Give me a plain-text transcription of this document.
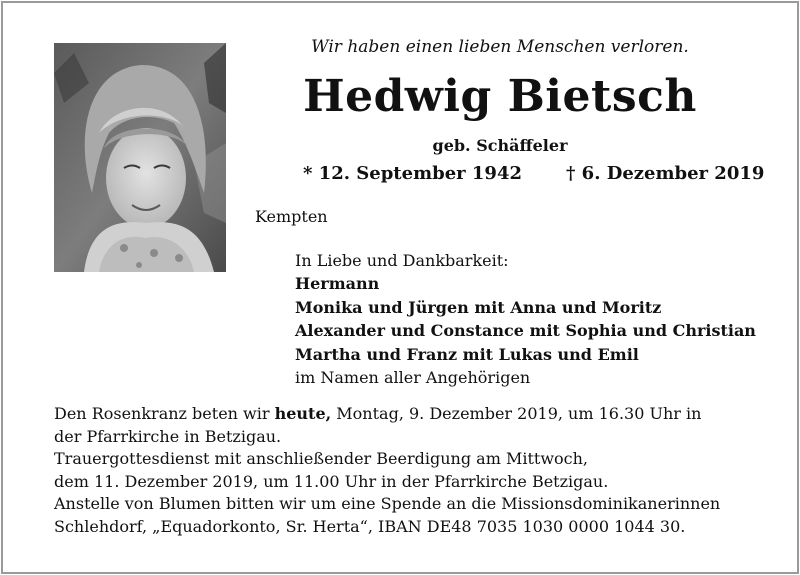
Wir haben einen lieben Menschen verloren.
Hedwig Bietsch
geb. Schäffeler
* 12. September 1942 † 6. Dezember 2019
Kempten
In Liebe und Dankbarkeit:
Hermann
Monika und Jürgen mit Anna und Moritz
Alexander und Constance mit Sophia und Christian
Martha und Franz mit Lukas und Emil
im Namen aller Angehörigen
Den Rosenkranz beten wir heute, Montag, 9. Dezember 2019, um 16.30 Uhr in
der Pfarrkirche in Betzigau.
Trauergottesdienst mit anschließender Beerdigung am Mittwoch,
dem 11. Dezember 2019, um 11.00 Uhr in der Pfarrkirche Betzigau.
Anstelle von Blumen bitten wir um eine Spende an die Missionsdominikanerinnen
Schlehdorf, „Equadorkonto, Sr. Herta“, IBAN DE48 7035 1030 0000 1044 30.
